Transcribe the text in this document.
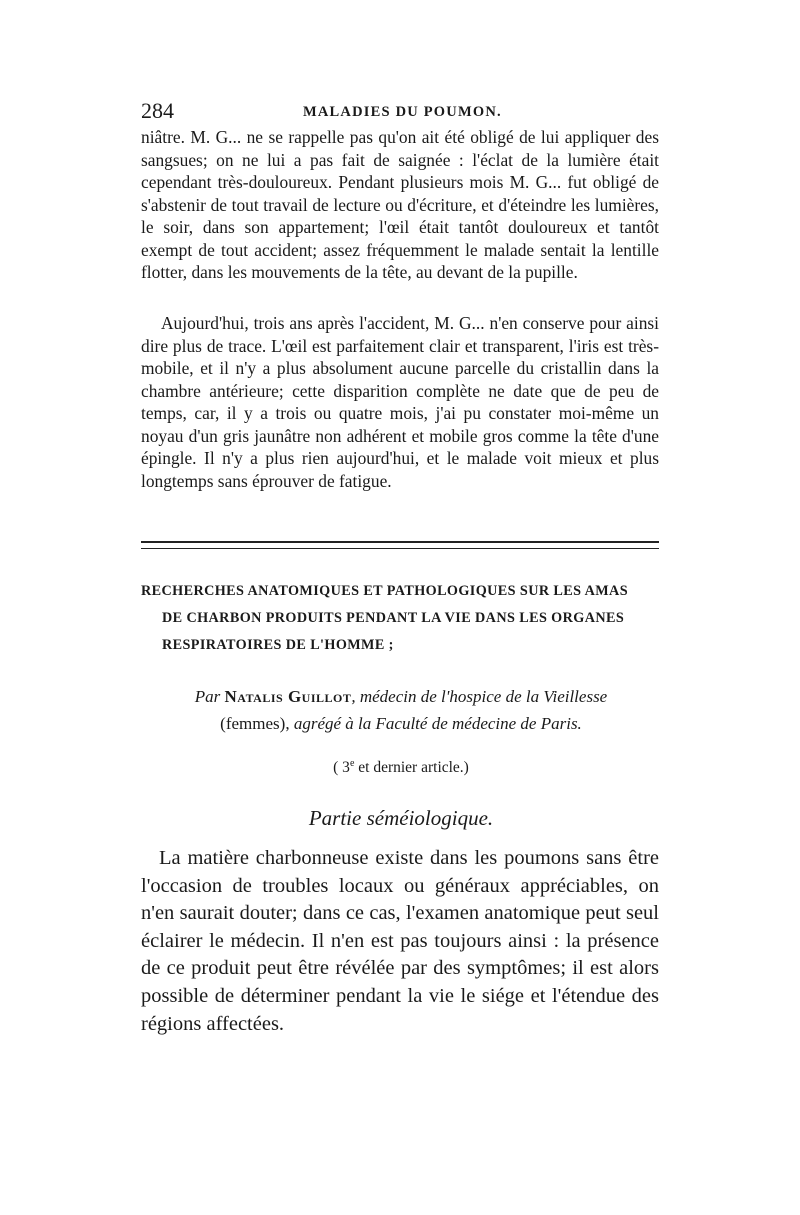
284	MALADIES DU POUMON.

niâtre. M. G... ne se rappelle pas qu'on ait été obligé de lui appliquer des sangsues; on ne lui a pas fait de saignée : l'éclat de la lumière était cependant très-douloureux. Pendant plusieurs mois M. G... fut obligé de s'abstenir de tout travail de lecture ou d'écriture, et d'éteindre les lumières, le soir, dans son appartement; l'œil était tantôt douloureux et tantôt exempt de tout accident; assez fréquemment le malade sentait la lentille flotter, dans les mouvements de la tête, au devant de la pupille.

Aujourd'hui, trois ans après l'accident, M. G... n'en conserve pour ainsi dire plus de trace. L'œil est parfaitement clair et transparent, l'iris est très-mobile, et il n'y a plus absolument aucune parcelle du cristallin dans la chambre antérieure; cette disparition complète ne date que de peu de temps, car, il y a trois ou quatre mois, j'ai pu constater moi-même un noyau d'un gris jaunâtre non adhérent et mobile gros comme la tête d'une épingle. Il n'y a plus rien aujourd'hui, et le malade voit mieux et plus longtemps sans éprouver de fatigue.

RECHERCHES ANATOMIQUES ET PATHOLOGIQUES SUR LES AMAS
DE CHARBON PRODUITS PENDANT LA VIE DANS LES ORGANES
RESPIRATOIRES DE L'HOMME ;
Par Natalis Guillot, médecin de l'hospice de la Vieillesse
(femmes), agrégé à la Faculté de médecine de Paris.
( 3e et dernier article.)
Partie séméiologique.

La matière charbonneuse existe dans les poumons sans être l'occasion de troubles locaux ou généraux appréciables, on n'en saurait douter; dans ce cas, l'examen anatomique peut seul éclairer le médecin. Il n'en est pas toujours ainsi : la présence de ce produit peut être révélée par des symptômes; il est alors possible de déterminer pendant la vie le siége et l'étendue des régions affectées.
